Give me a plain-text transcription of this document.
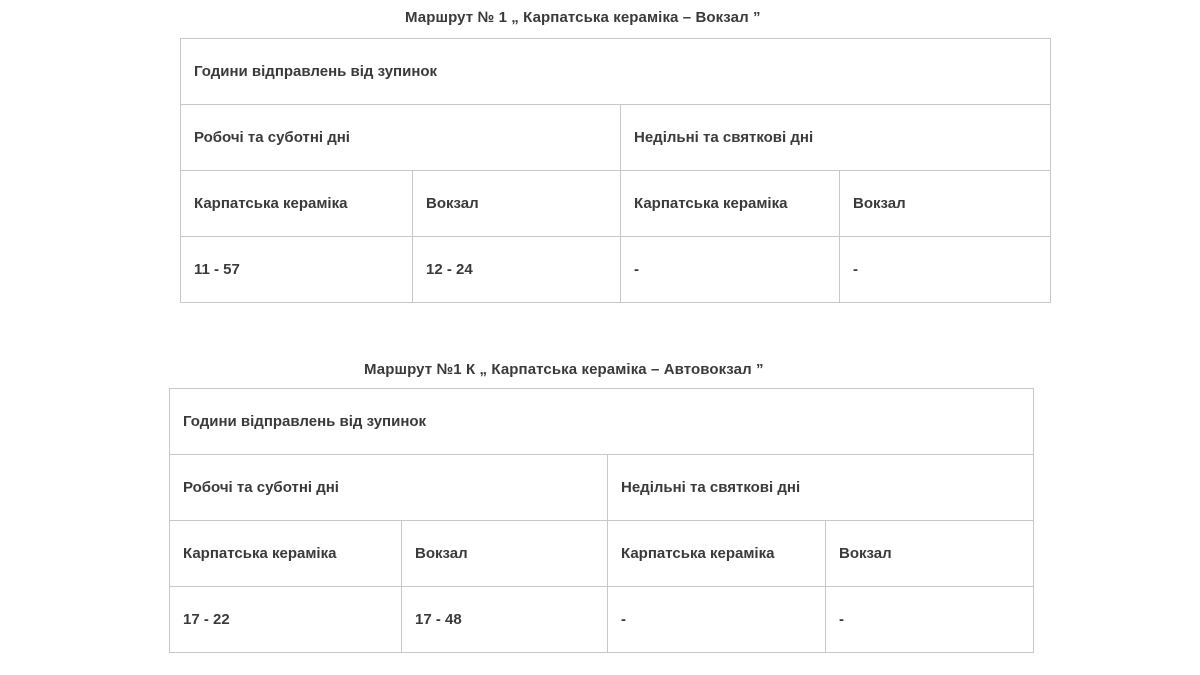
Маршрут № 1 „ Карпатська кераміка – Вокзал ”
Години відправлень від зупинок			
Робочі та суботні дні		Недільні та святкові дні	
Карпатська кераміка	Вокзал	Карпатська кераміка	Вокзал
11 - 57	12 - 24	-	-
Маршрут №1 К „ Карпатська кераміка – Автовокзал ”
Години відправлень від зупинок			
Робочі та суботні дні		Недільні та святкові дні	
Карпатська кераміка	Вокзал	Карпатська кераміка	Вокзал
17 - 22	17 - 48	-	-
